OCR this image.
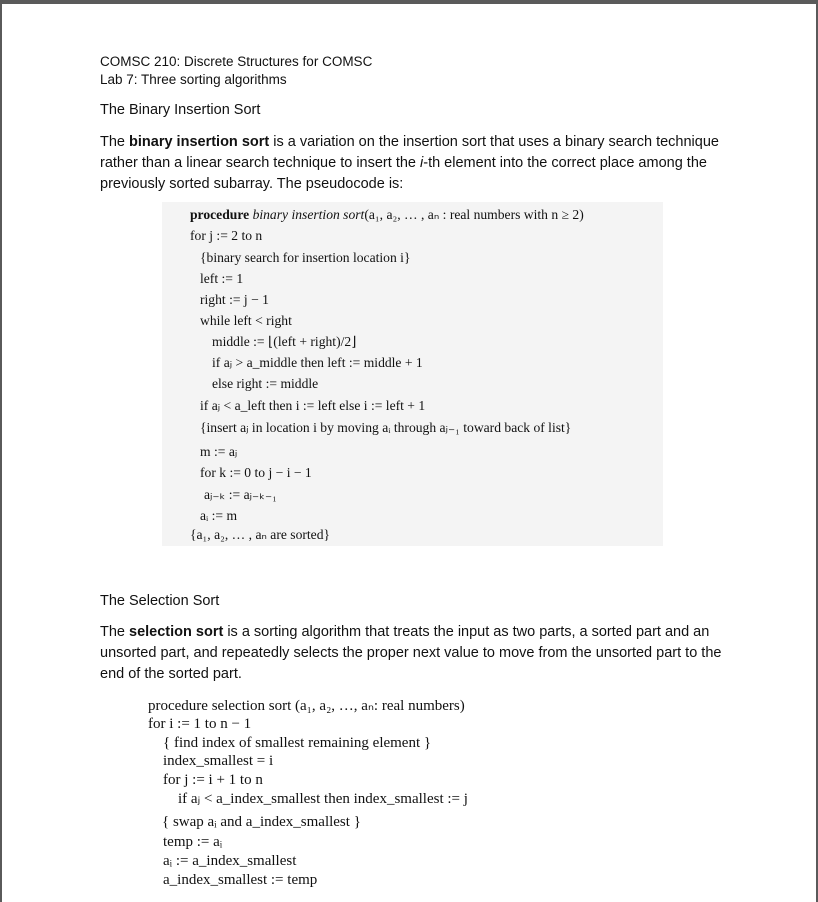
COMSC 210: Discrete Structures for COMSC
Lab 7: Three sorting algorithms
The Binary Insertion Sort
The binary insertion sort is a variation on the insertion sort that uses a binary search technique rather than a linear search technique to insert the i-th element into the correct place among the previously sorted subarray. The pseudocode is:
procedure binary insertion sort(a₁, a₂, … , aₙ : real numbers with n ≥ 2)
for j := 2 to n
{binary search for insertion location i}
left := 1
right := j − 1
while left < right
middle := ⌊(left + right)/2⌋
if aⱼ > a_middle then left := middle + 1
else right := middle
if aⱼ < a_left then i := left else i := left + 1
{insert aⱼ in location i by moving aᵢ through aⱼ₋₁ toward back of list}
m := aⱼ
for k := 0 to j − i − 1
aⱼ₋ₖ := aⱼ₋ₖ₋₁
aᵢ := m
{a₁, a₂, … , aₙ are sorted}
The Selection Sort
The selection sort is a sorting algorithm that treats the input as two parts, a sorted part and an unsorted part, and repeatedly selects the proper next value to move from the unsorted part to the end of the sorted part.
procedure selection sort (a₁, a₂, …, aₙ: real numbers)
for i := 1 to n − 1
{ find index of smallest remaining element }
index_smallest = i
for j := i + 1 to n
if aⱼ < a_index_smallest then index_smallest := j
{ swap aᵢ and a_index_smallest }
temp := aᵢ
aᵢ := a_index_smallest
a_index_smallest := temp
